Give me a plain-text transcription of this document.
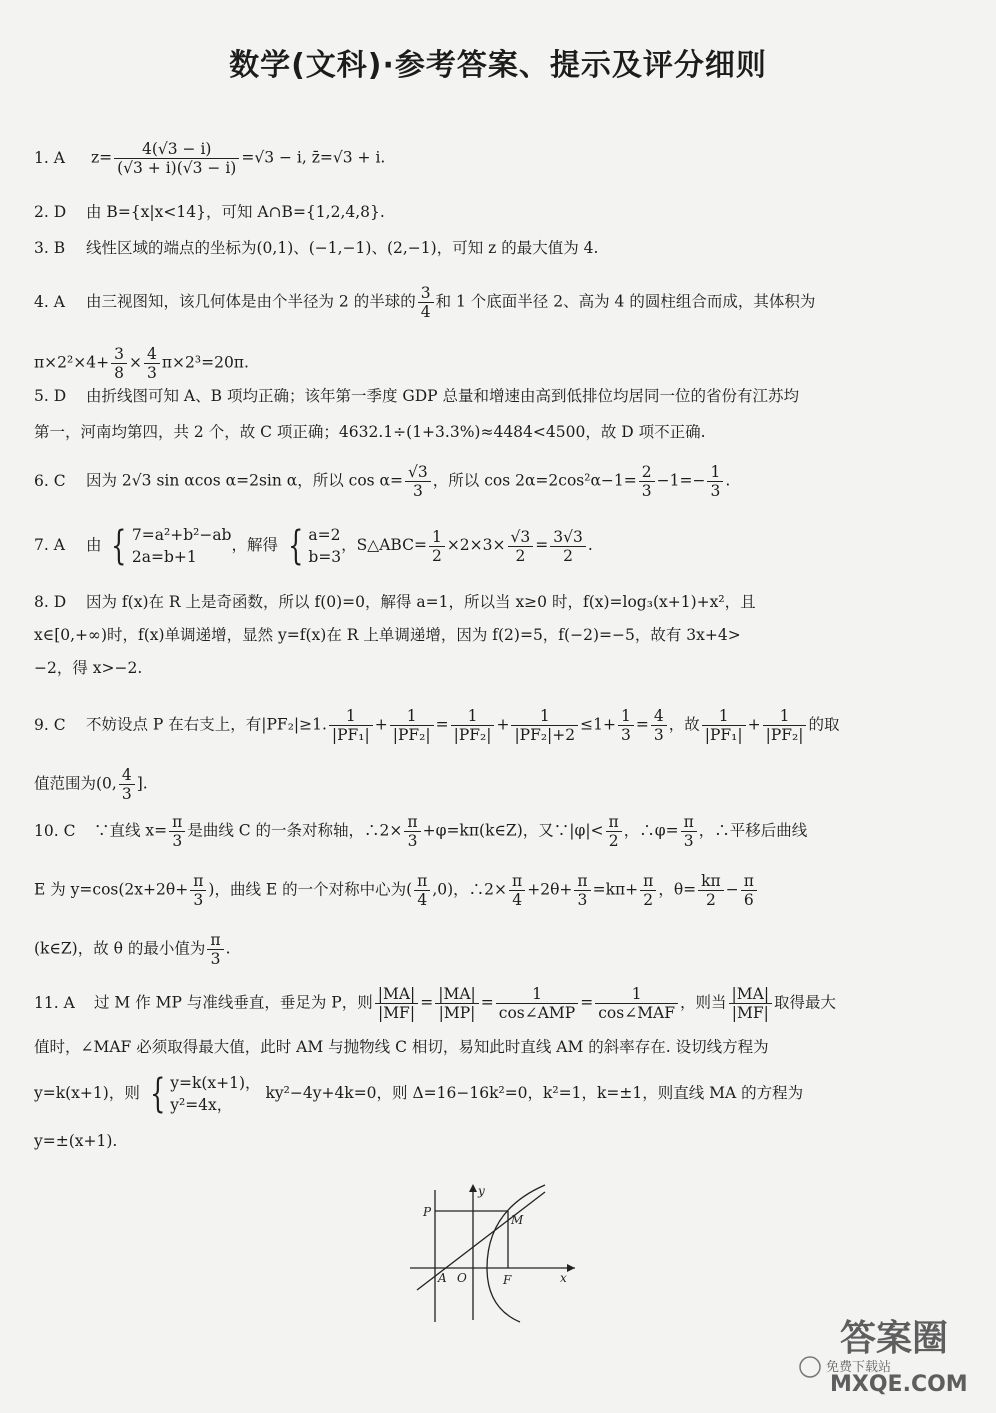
数学(文科)·参考答案、提示及评分细则
1. A $z= \frac{4(√3 - i)}{(√3 + i)(√3 - i)} =√3 - i$, z̄=√3 + i.
2. D 由 B={x|x<14}，可知 A∩B={1,2,4,8}.
3. B 线性区域的端点的坐标为(0,1)、(−1,−1)、(2,−1)，可知 z 的最大值为 4.
4. A 由三视图知，该几何体是由个半径为 2 的半球的 $\frac{3}{4}$ 和 1 个底面半径 2、高为 4 的圆柱组合而成，其体积为
$\pi\times 2^2\times 4+ \frac{3}{8} \times \frac{4}{3} \pi\times 2^3=20\pi$.
5. D 由折线图可知 A、B 项均正确；该年第一季度 GDP 总量和增速由高到低排位均居同一位的省份有江苏均
第一，河南均第四，共 2 个，故 C 项正确；4632.1÷(1+3.3%)≈4484<4500，故 D 项不正确.
6. C 因为 2√3 sin αcos α=2sin α，所以 $\cos \alpha= \frac{√3}{3}$ ，所以 $\cos 2\alpha=2\cos^2\alpha-1= \frac{2}{3} -1=- \frac{1}{3}$ .
7. A 由 { 7=a²+b²−ab
2a=b+1，解得 { a=2
b=3，S△ABC= $\frac{1}{2} \times 2\times 3\times \frac{√3}{2} = \frac{3√3}{2}$ .
8. D 因为 f(x)在 R 上是奇函数，所以 f(0)=0，解得 a=1，所以当 x≥0 时，f(x)=log₃(x+1)+x²，且
x∈[0,+∞)时，f(x)单调递增，显然 y=f(x)在 R 上单调递增，因为 f(2)=5，f(−2)=−5，故有 3x+4>
−2，得 x>−2.
9. C 不妨设点 P 在右支上，有|PF₂|≥1. $\frac{1}{\text{|PF₁|}} + \frac{1}{\text{|PF₂|}} = \frac{1}{\text{|PF₂|}} + \frac{1}{\text{|PF₂|+2}} \le 1+ \frac{1}{3} = \frac{4}{3}$ ，故 $\frac{1}{\text{|PF₁|}} + \frac{1}{\text{|PF₂|}}$ 的取
值范围为(0, $\frac{4}{3}$ ].
10. C ∵直线 $x= \frac{\pi}{3}$ 是曲线 C 的一条对称轴，∴2× $\frac{\pi}{3}$ +φ=kπ(k∈Z)，又∵|φ|< $\frac{\pi}{2}$ ，∴φ= $\frac{\pi}{3}$ ，∴平移后曲线
E 为 $y=\cos(2x+2\theta+ \frac{\pi}{3}$ )，曲线 E 的一个对称中心为( $\frac{\pi}{4} ,0$)，∴2× $\frac{\pi}{4} +2\theta+ \frac{\pi}{3} =k\pi+ \frac{\pi}{2}$ ，$\theta= \frac{k\pi}{2} - \frac{\pi}{6}$
(k∈Z)，故 θ 的最小值为 $\frac{\pi}{3}$ .
11. A 过 M 作 MP 与准线垂直，垂足为 P，则 $\frac{|MA|}{|MF|} = \frac{|MA|}{|MP|} = \frac{1}{\text{cos∠AMP}} = \frac{1}{\text{cos∠MAF}}$ ，则当 $\frac{|MA|}{|MF|}$ 取得最大
值时，∠MAF 必须取得最大值，此时 AM 与抛物线 C 相切，易知此时直线 AM 的斜率存在. 设切线方程为
y=k(x+1)，则 { y=k(x+1)，
y²=4x， ky²−4y+4k=0，则 Δ=16−16k²=0，k²=1，k=±1，则直线 MA 的方程为
y=±(x+1).
P
M
y
A O	F	x
答案圈
免费下载站
MXQE.COM
